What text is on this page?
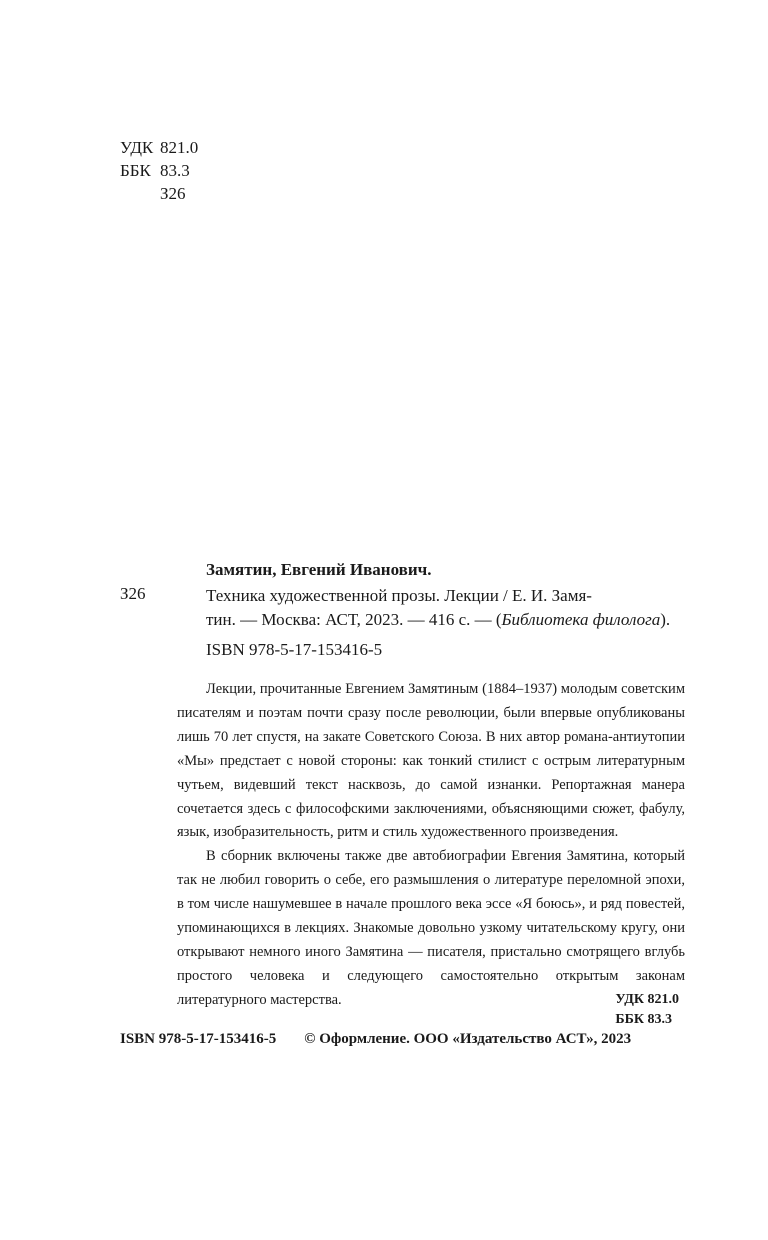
УДК 821.0
ББК 83.3
З26
Замятин, Евгений Иванович.
З26	Техника художественной прозы. Лекции / Е. И. Замя-
тин. — Москва: АСТ, 2023. — 416 с. — (Библиотека филолога).
ISBN 978-5-17-153416-5

Лекции, прочитанные Евгением Замятиным (1884–1937) молодым советским писателям и поэтам почти сразу после революции, были впервые опубликованы лишь 70 лет спустя, на закате Советского Союза. В них автор романа-антиутопии «Мы» предстает с новой стороны: как тонкий стилист с острым литературным чутьем, видевший текст насквозь, до самой изнанки. Репортажная манера сочетается здесь с философскими заключениями, объясняющими сюжет, фабулу, язык, изобразительность, ритм и стиль художественного произведения.

В сборник включены также две автобиографии Евгения Замятина, который так не любил говорить о себе, его размышления о литературе переломной эпохи, в том числе нашумевшее в начале прошлого века эссе «Я боюсь», и ряд повестей, упоминающихся в лекциях. Знакомые довольно узкому читательскому кругу, они открывают немного иного Замятина — писателя, пристально смотрящего вглубь простого человека и следующего самостоятельно открытым законам литературного мастерства.	УДК 821.0
ББК 83.3
ISBN 978-5-17-153416-5 © Оформление. ООО «Издательство АСТ», 2023
